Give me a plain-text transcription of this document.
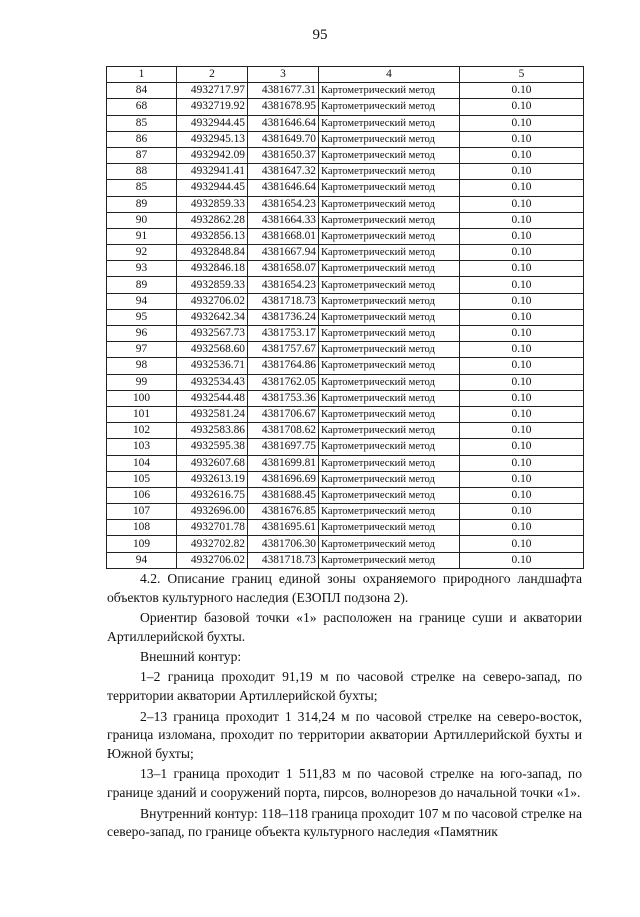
95
1	2	3	4	5
84	4932717.97	4381677.31	Картометрический метод	0.10
68	4932719.92	4381678.95	Картометрический метод	0.10
85	4932944.45	4381646.64	Картометрический метод	0.10
86	4932945.13	4381649.70	Картометрический метод	0.10
87	4932942.09	4381650.37	Картометрический метод	0.10
88	4932941.41	4381647.32	Картометрический метод	0.10
85	4932944.45	4381646.64	Картометрический метод	0.10
89	4932859.33	4381654.23	Картометрический метод	0.10
90	4932862.28	4381664.33	Картометрический метод	0.10
91	4932856.13	4381668.01	Картометрический метод	0.10
92	4932848.84	4381667.94	Картометрический метод	0.10
93	4932846.18	4381658.07	Картометрический метод	0.10
89	4932859.33	4381654.23	Картометрический метод	0.10
94	4932706.02	4381718.73	Картометрический метод	0.10
95	4932642.34	4381736.24	Картометрический метод	0.10
96	4932567.73	4381753.17	Картометрический метод	0.10
97	4932568.60	4381757.67	Картометрический метод	0.10
98	4932536.71	4381764.86	Картометрический метод	0.10
99	4932534.43	4381762.05	Картометрический метод	0.10
100	4932544.48	4381753.36	Картометрический метод	0.10
101	4932581.24	4381706.67	Картометрический метод	0.10
102	4932583.86	4381708.62	Картометрический метод	0.10
103	4932595.38	4381697.75	Картометрический метод	0.10
104	4932607.68	4381699.81	Картометрический метод	0.10
105	4932613.19	4381696.69	Картометрический метод	0.10
106	4932616.75	4381688.45	Картометрический метод	0.10
107	4932696.00	4381676.85	Картометрический метод	0.10
108	4932701.78	4381695.61	Картометрический метод	0.10
109	4932702.82	4381706.30	Картометрический метод	0.10
94	4932706.02	4381718.73	Картометрический метод	0.10

4.2. Описание границ единой зоны охраняемого природного ландшафта объектов культурного наследия (ЕЗОПЛ подзона 2).

Ориентир базовой точки «1» расположен на границе суши и акватории Артиллерийской бухты.

Внешний контур:

1–2 граница проходит 91,19 м по часовой стрелке на северо-запад, по территории акватории Артиллерийской бухты;

2–13 граница проходит 1 314,24 м по часовой стрелке на северо-восток, граница изломана, проходит по территории акватории Артиллерийской бухты и Южной бухты;

13–1 граница проходит 1 511,83 м по часовой стрелке на юго-запад, по границе зданий и сооружений порта, пирсов, волнорезов до начальной точки «1».

Внутренний контур: 118–118 граница проходит 107 м по часовой стрелке на северо-запад, по границе объекта культурного наследия «Памятник
